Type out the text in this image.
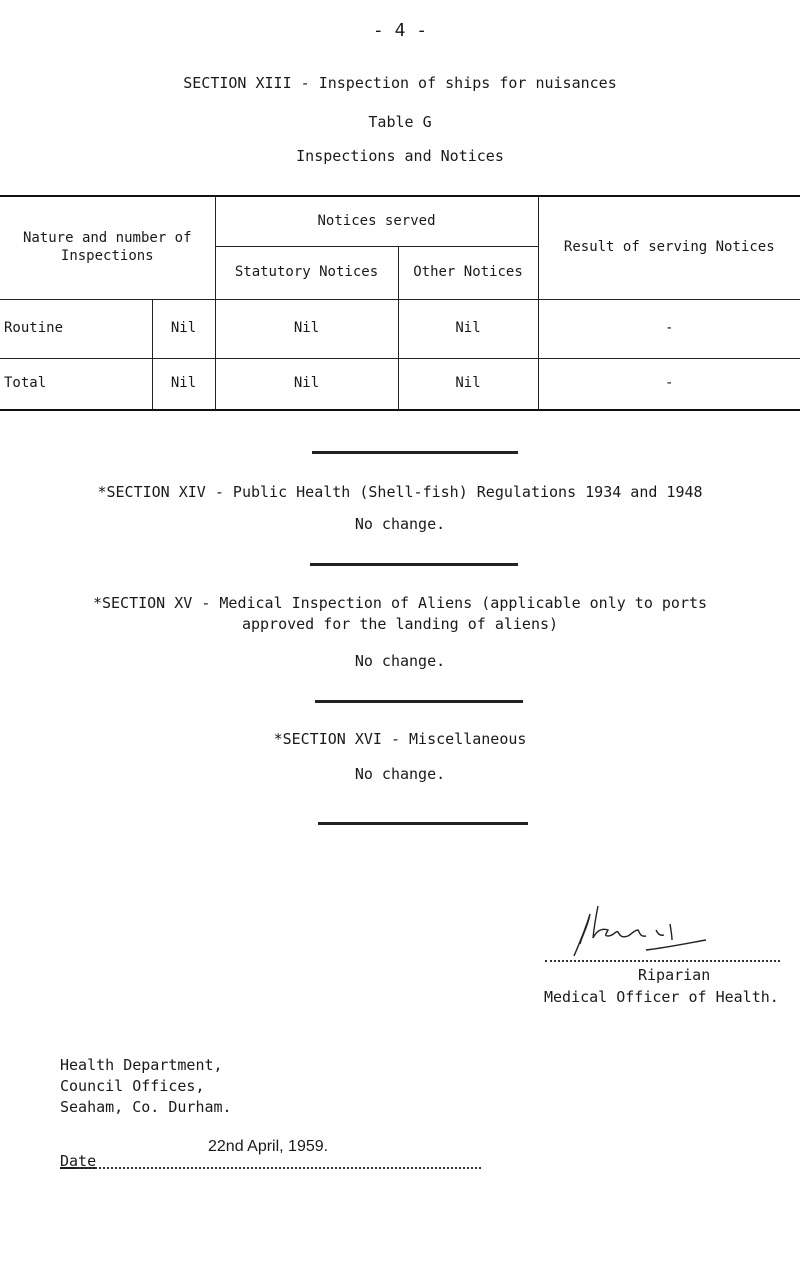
- 4 -
SECTION XIII - Inspection of ships for nuisances
Table G
Inspections and Notices
Nature and number of Inspections		Notices served		Result of serving Notices
		Statutory Notices	Other Notices	
Routine	Nil	Nil	Nil	-
Total	Nil	Nil	Nil	-
*SECTION XIV - Public Health (Shell-fish) Regulations 1934 and 1948
No change.
*SECTION XV - Medical Inspection of Aliens (applicable only to ports
approved for the landing of aliens)
No change.
*SECTION XVI - Miscellaneous
No change.
Riparian
Medical Officer of Health.
Health Department,
Council Offices,
Seaham, Co. Durham.
Date
22nd April, 1959.
